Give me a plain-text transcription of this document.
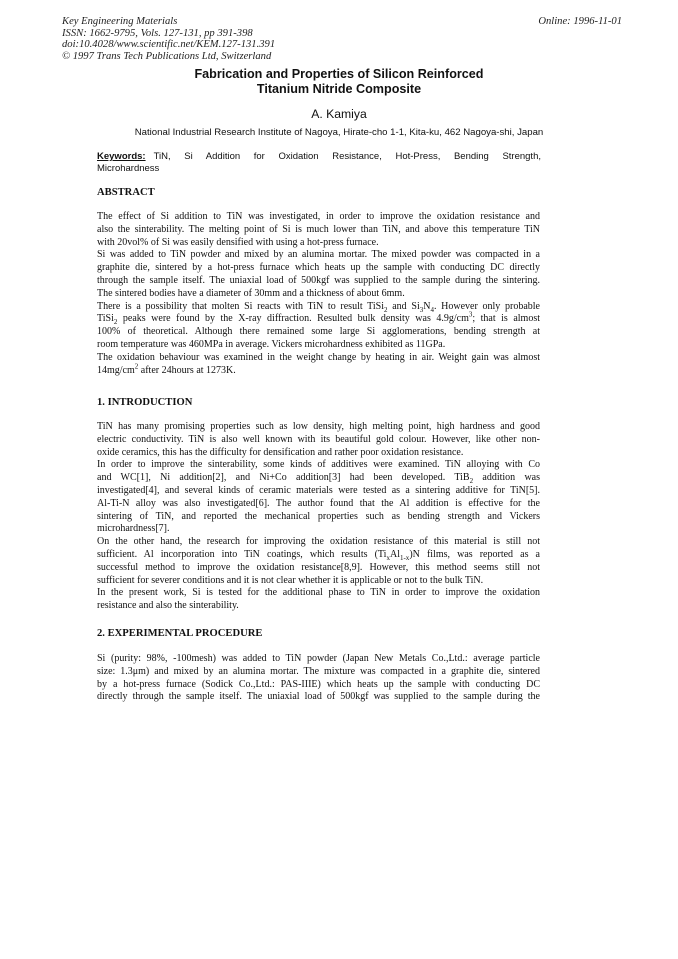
Key Engineering Materials
ISSN: 1662-9795, Vols. 127-131, pp 391-398
doi:10.4028/www.scientific.net/KEM.127-131.391
© 1997 Trans Tech Publications Ltd, Switzerland
Online: 1996-11-01
Fabrication and Properties of Silicon Reinforced
Titanium Nitride Composite
A. Kamiya
National Industrial Research Institute of Nagoya, Hirate-cho 1-1, Kita-ku, 462 Nagoya-shi, Japan
Keywords: TiN, Si Addition for Oxidation Resistance, Hot-Press, Bending Strength,
Microhardness
ABSTRACT
The effect of Si addition to TiN was investigated, in order to improve the oxidation resistance and
also the sinterability. The melting point of Si is much lower than TiN, and above this temperature TiN
with 20vol% of Si was easily densified with using a hot-press furnace.
Si was added to TiN powder and mixed by an alumina mortar. The mixed powder was compacted in a
graphite die, sintered by a hot-press furnace which heats up the sample with conducting DC directly
through the sample itself. The uniaxial load of 500kgf was supplied to the sample during the sintering.
The sintered bodies have a diameter of 30mm and a thickness of about 6mm.
There is a possibility that molten Si reacts with TiN to result TiSi$_2$ and $Si_3N_4$. However only probable
TiSi$_2$ peaks were found by the X-ray diffraction. Resulted bulk density was $4.9g/cm^3$; that is almost
100% of theoretical. Although there remained some large Si agglomerations, bending strength at
room temperature was 460MPa in average. Vickers microhardness exhibited as 11GPa.
The oxidation behaviour was examined in the weight change by heating in air. Weight gain was almost
$14mg/cm^2$ after 24hours at 1273K.
1. INTRODUCTION
TiN has many promising properties such as low density, high melting point, high hardness and good
electric conductivity. TiN is also well known with its beautiful gold colour. However, like other non-
oxide ceramics, this has the difficulty for densification and rather poor oxidation resistance.
In order to improve the sinterability, some kinds of additives were examined. TiN alloying with Co
and WC[1], Ni addition[2], and Ni+Co addition[3] had been developed. TiB$_2$ addition was
investigated[4], and several kinds of ceramic materials were tested as a sintering additive for TiN[5].
Al-Ti-N alloy was also investigated[6]. The author found that the Al addition is effective for the
sintering of TiN, and reported the mechanical properties such as bending strength and Vickers
microhardness[7].
On the other hand, the research for improving the oxidation resistance of this material is still not
sufficient. Al incorporation into TiN coatings, which results $(Ti_xAl_{1-x})N$ films, was reported as a
successful method to improve the oxidation resistance[8,9]. However, this method seems still not
sufficient for severer conditions and it is not clear whether it is applicable or not to the bulk TiN.
In the present work, Si is tested for the additional phase to TiN in order to improve the oxidation
resistance and also the sinterability.
2. EXPERIMENTAL PROCEDURE
Si (purity: 98%, -100mesh) was added to TiN powder (Japan New Metals Co.,Ltd.: average particle
size: 1.3μm) and mixed by an alumina mortar. The mixture was compacted in a graphite die, sintered
by a hot-press furnace (Sodick Co.,Ltd.: PAS-IIIE) which heats up the sample with conducting DC
directly through the sample itself. The uniaxial load of 500kgf was supplied to the sample during the
